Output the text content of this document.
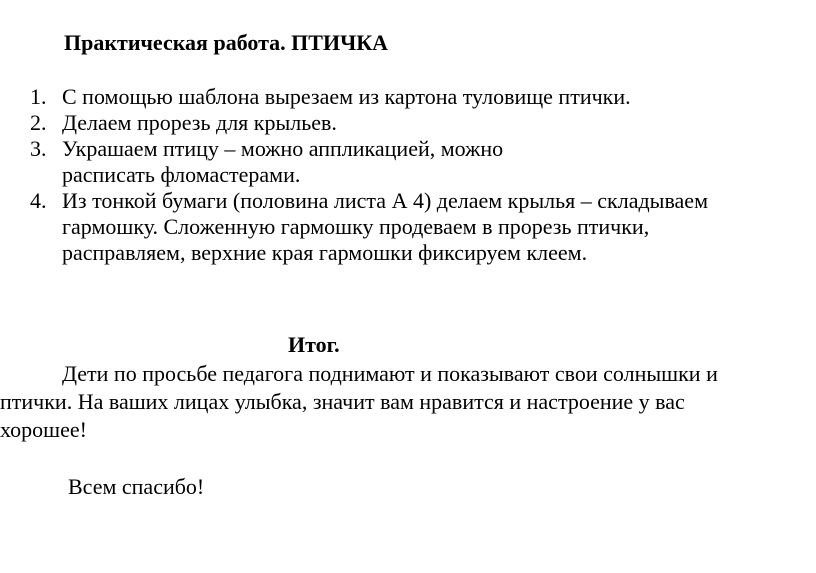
Практическая работа. ПТИЧКА
1. С помощью шаблона вырезаем из картона туловище птички.
2. Делаем прорезь для крыльев.
3. Украшаем птицу – можно аппликацией, можно
расписать фломастерами.
4. Из тонкой бумаги (половина листа А 4) делаем крылья – складываем
гармошку. Сложенную гармошку продеваем в прорезь птички,
расправляем, верхние края гармошки фиксируем клеем.
Итог.
Дети по просьбе педагога поднимают и показывают свои солнышки и
птички. На ваших лицах улыбка, значит вам нравится и настроение у вас
хорошее!
Всем спасибо!
